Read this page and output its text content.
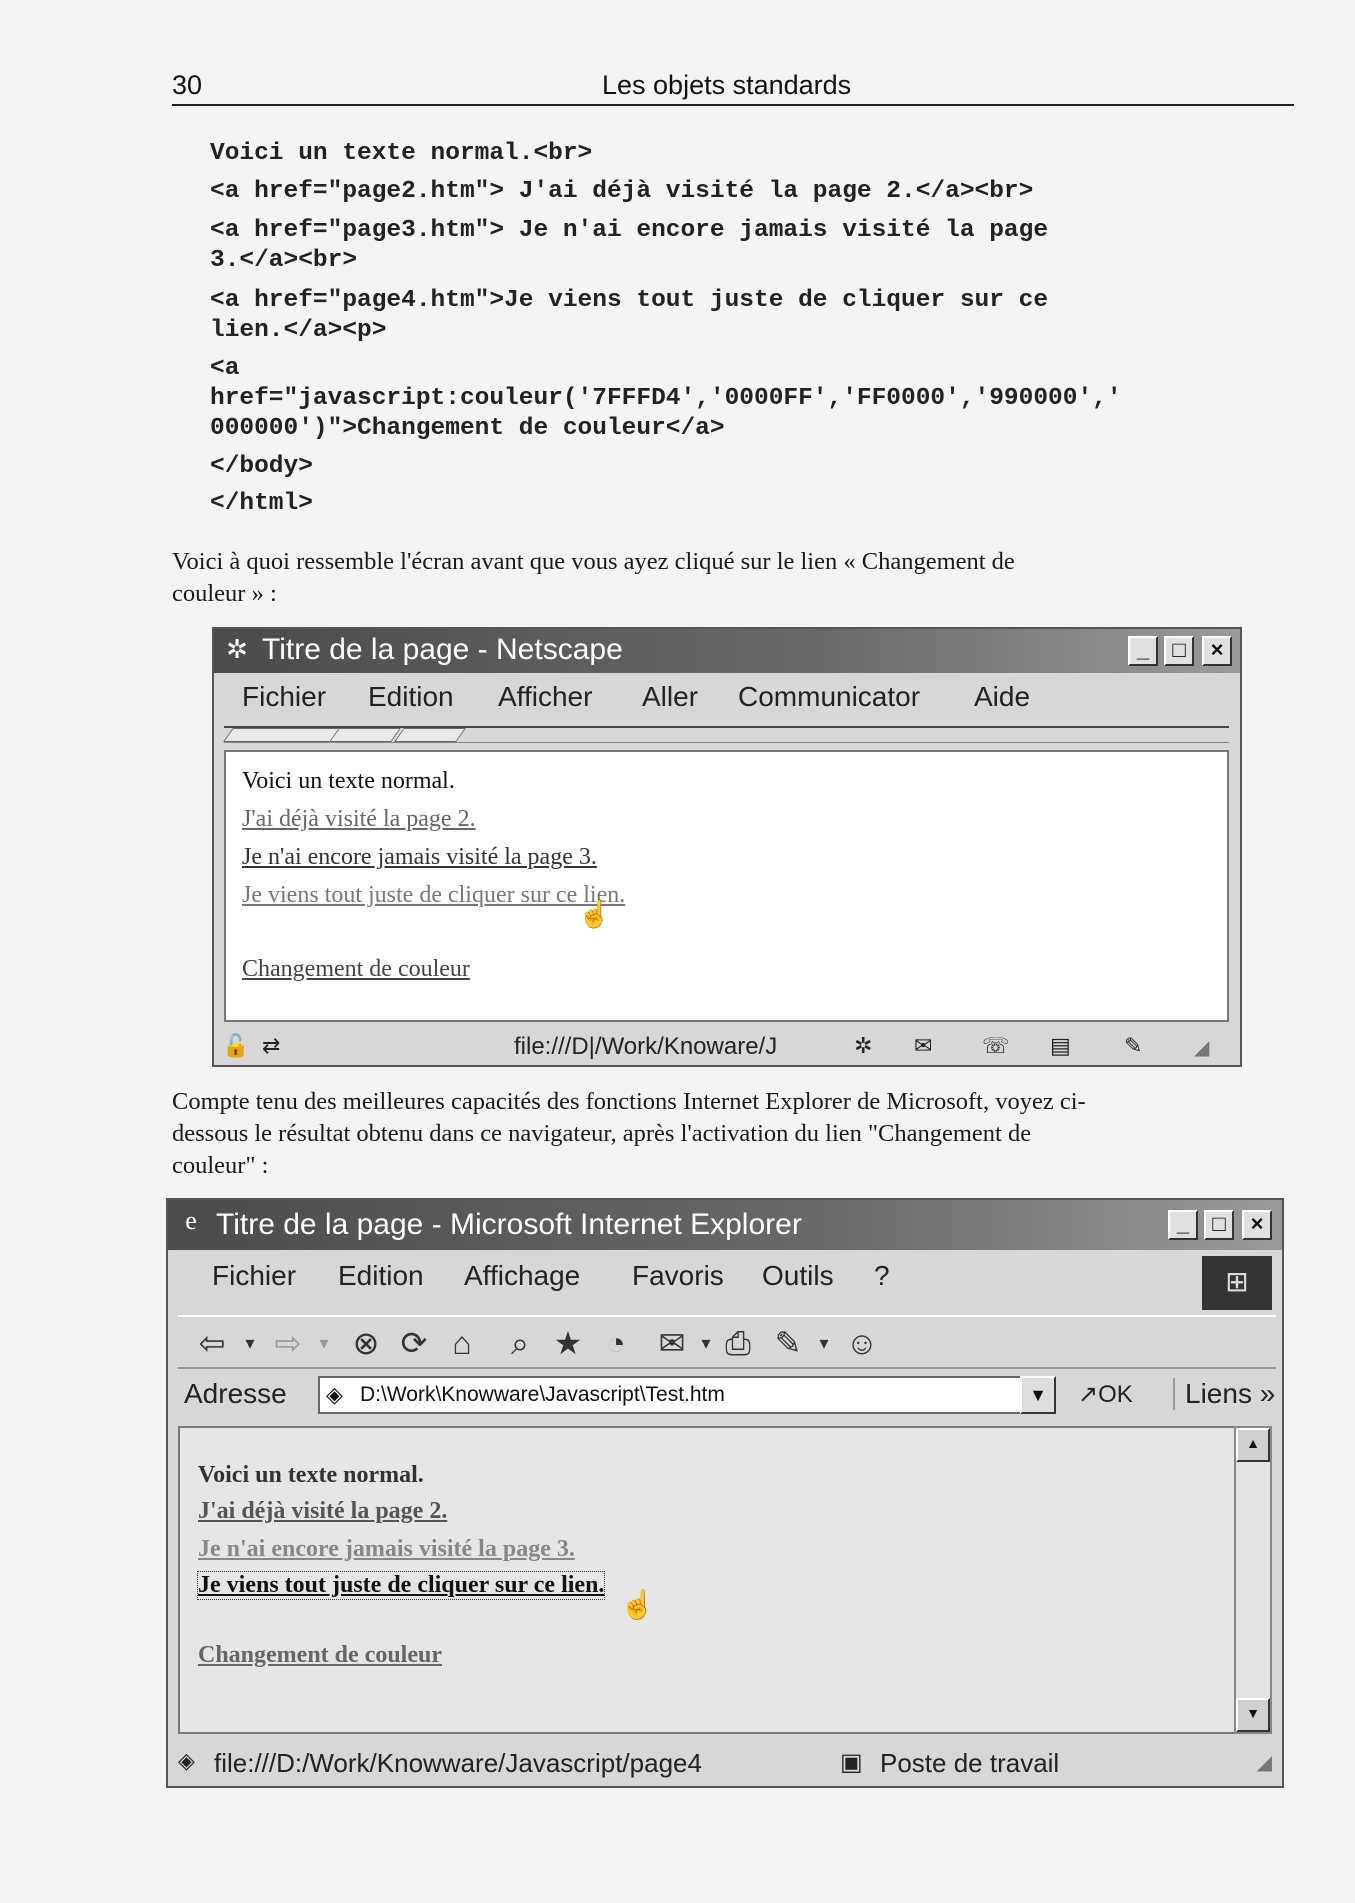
30	Les objets standards
Voici un texte normal.<br>
<a href="page2.htm"> J'ai déjà visité la page 2.</a><br>
<a href="page3.htm"> Je n'ai encore jamais visité la page
3.</a><br>
<a href="page4.htm">Je viens tout juste de cliquer sur ce
lien.</a><p>
<a
href="javascript:couleur('7FFFD4','0000FF','FF0000','990000','
000000')">Changement de couleur</a>
</body>
</html>
Voici à quoi ressemble l'écran avant que vous ayez cliqué sur le lien « Changement de
couleur » :
✲ Titre de la page - Netscape	_	□	×
Fichier Edition Afficher Aller Communicator Aide
Voici un texte normal.
J'ai déjà visité la page 2.
Je n'ai encore jamais visité la page 3.
Je viens tout juste de cliquer sur ce lien.
☝
Changement de couleur
🔓 ⇄	file:///D|/Work/Knoware/J	✲ ✉ ☏ ▤ ✎	◢
Compte tenu des meilleures capacités des fonctions Internet Explorer de Microsoft, voyez ci-
dessous le résultat obtenu dans ce navigateur, après l'activation du lien "Changement de
couleur" :
e Titre de la page - Microsoft Internet Explorer	_	□	×
Fichier Edition Affichage Favoris Outils ?	⊞
⇦	▾ ⇨	▾ ⊗ ⟳ ⌂	⌕ ★ ◔	✉ ▾ ⎙ ✎	▾ ☺
Adresse ◈ D:\Work\Knowware\Javascript\Test.htm	▼	↗OK	Liens »
Voici un texte normal.
J'ai déjà visité la page 2.
Je n'ai encore jamais visité la page 3.
Je viens tout juste de cliquer sur ce lien.
☝
Changement de couleur
▲
▼
◈ file:///D:/Work/Knowware/Javascript/page4	▣ Poste de travail	◢
